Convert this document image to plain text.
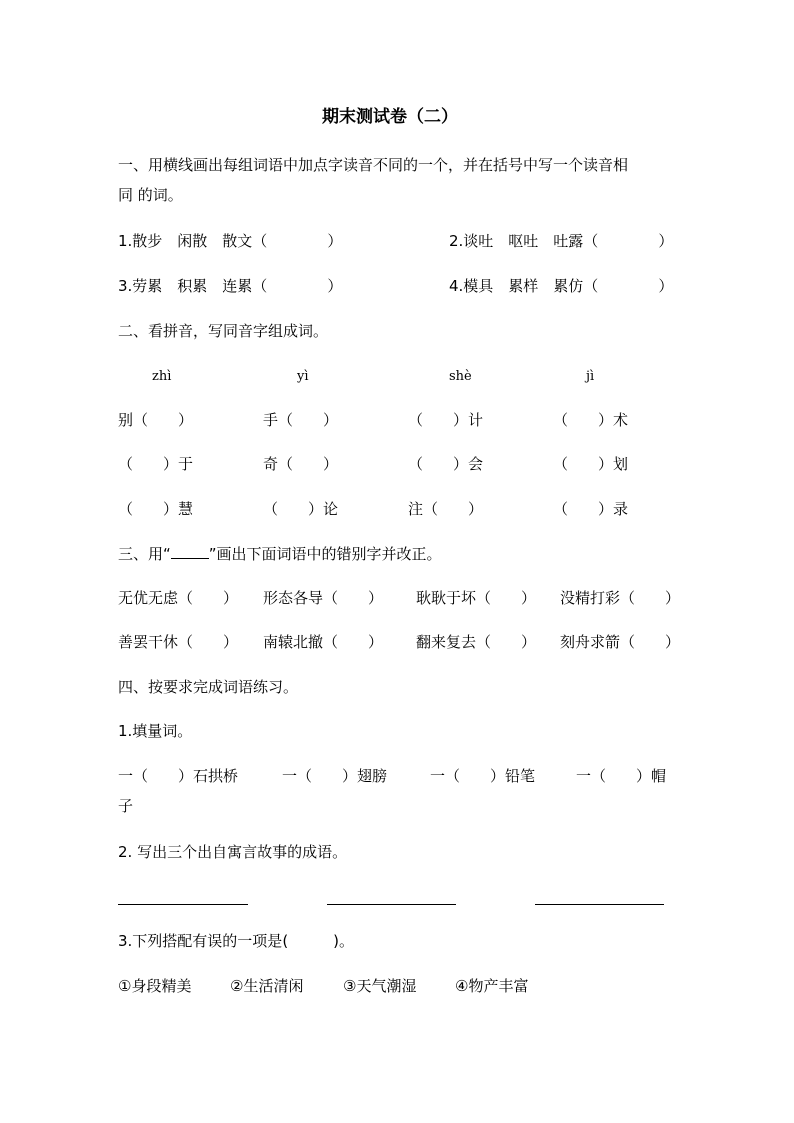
期末测试卷（二）
一、用横线画出每组词语中加点字读音不同的一个，并在括号中写一个读音相
同 的词。
1.散步　闲散　散文（　　　　）	2.谈吐　呕吐　吐露（　　　　）
3.劳累　积累　连累（　　　　）	4.模具　累样　累仿（　　　　）
二、看拼音，写同音字组成词。
zhì	yì	shè	jì
别（　　）	手（　　）	（　　）计	（　　）术
（　　）于	奇（　　）	（　　）会	（　　）划
（　　）慧	（　　）论	注（　　）	（　　）录
三、用“	”画出下面词语中的错别字并改正。
无优无虑（　　） 形态各导（　　） 耿耿于坏（　　） 没精打彩（　　）
善罢干休（　　） 南辕北撤（　　） 翻来复去（　　） 刻舟求箭（　　）
四、按要求完成词语练习。
1.填量词。
一（　　）石拱桥	一（　　）翅膀	一（　　）铅笔	一（　　）帽
子
2. 写出三个出自寓言故事的成语。
3.下列搭配有误的一项是(　　　)。
①身段精美	②生活清闲	③天气潮湿	④物产丰富
